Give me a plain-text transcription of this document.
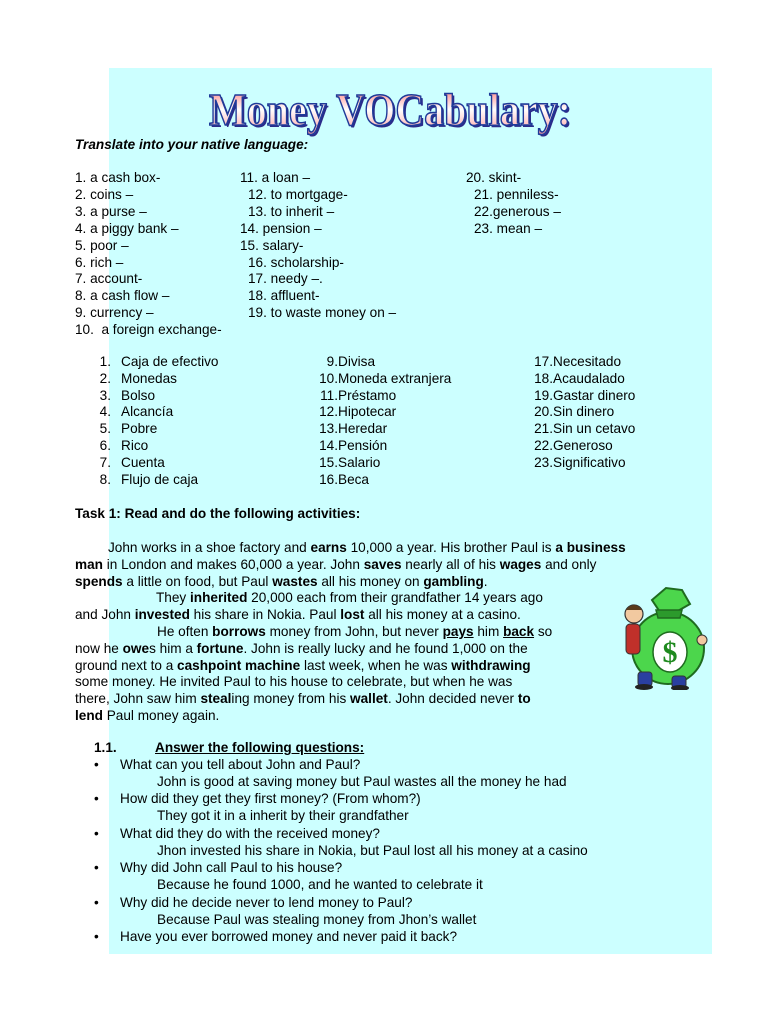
Money VOCabulary:
Money VOCabulary:
Translate into your native language:
1. a cash box-
2. coins –
3. a purse –
4. a piggy bank –
5. poor –
6. rich –
7. account-
8. a cash flow –
9. currency –
10.  a foreign exchange-
11. a loan –
12. to mortgage-
13. to inherit –
14. pension –
15. salary-
16. scholarship-
17. needy –.
18. affluent-
19. to waste money on –
20. skint-
21. penniless-
22.generous –
23. mean –
1. Caja de efectivo
2. Monedas
3. Bolso
4. Alcancía
5. Pobre
6. Rico
7. Cuenta
8. Flujo de caja
9.Divisa
10.Moneda extranjera
11.Préstamo
12.Hipotecar
13.Heredar
14.Pensión
15.Salario
16.Beca
17.Necesitado
18.Acaudalado
19.Gastar dinero
20.Sin dinero
21.Sin un cetavo
22.Generoso
23.Significativo
Task 1: Read and do the following activities:
John works in a shoe factory and earns 10,000 a year. His brother Paul is a business
man in London and makes 60,000 a year. John saves nearly all of his wages and only
spends a little on food, but Paul wastes all his money on gambling.
They inherited 20,000 each from their grandfather 14 years ago
and John invested his share in Nokia. Paul lost all his money at a casino.
He often borrows money from John, but never pays him back so
now he owes him a fortune. John is really lucky and he found 1,000 on the
ground next to a cashpoint machine last week, when he was withdrawing
some money. He invited Paul to his house to celebrate, but when he was
there, John saw him stealing money from his wallet. John decided never to
lend Paul money again.
$
1.1.	Answer the following questions:
• What can you tell about John and Paul?
John is good at saving money but Paul wastes all the money he had
• How did they get they first money? (From whom?)
They got it in a inherit by their grandfather
• What did they do with the received money?
Jhon invested his share in Nokia, but Paul lost all his money at a casino
• Why did John call Paul to his house?
Because he found 1000, and he wanted to celebrate it
• Why did he decide never to lend money to Paul?
Because Paul was stealing money from Jhon’s wallet
• Have you ever borrowed money and never paid it back?
